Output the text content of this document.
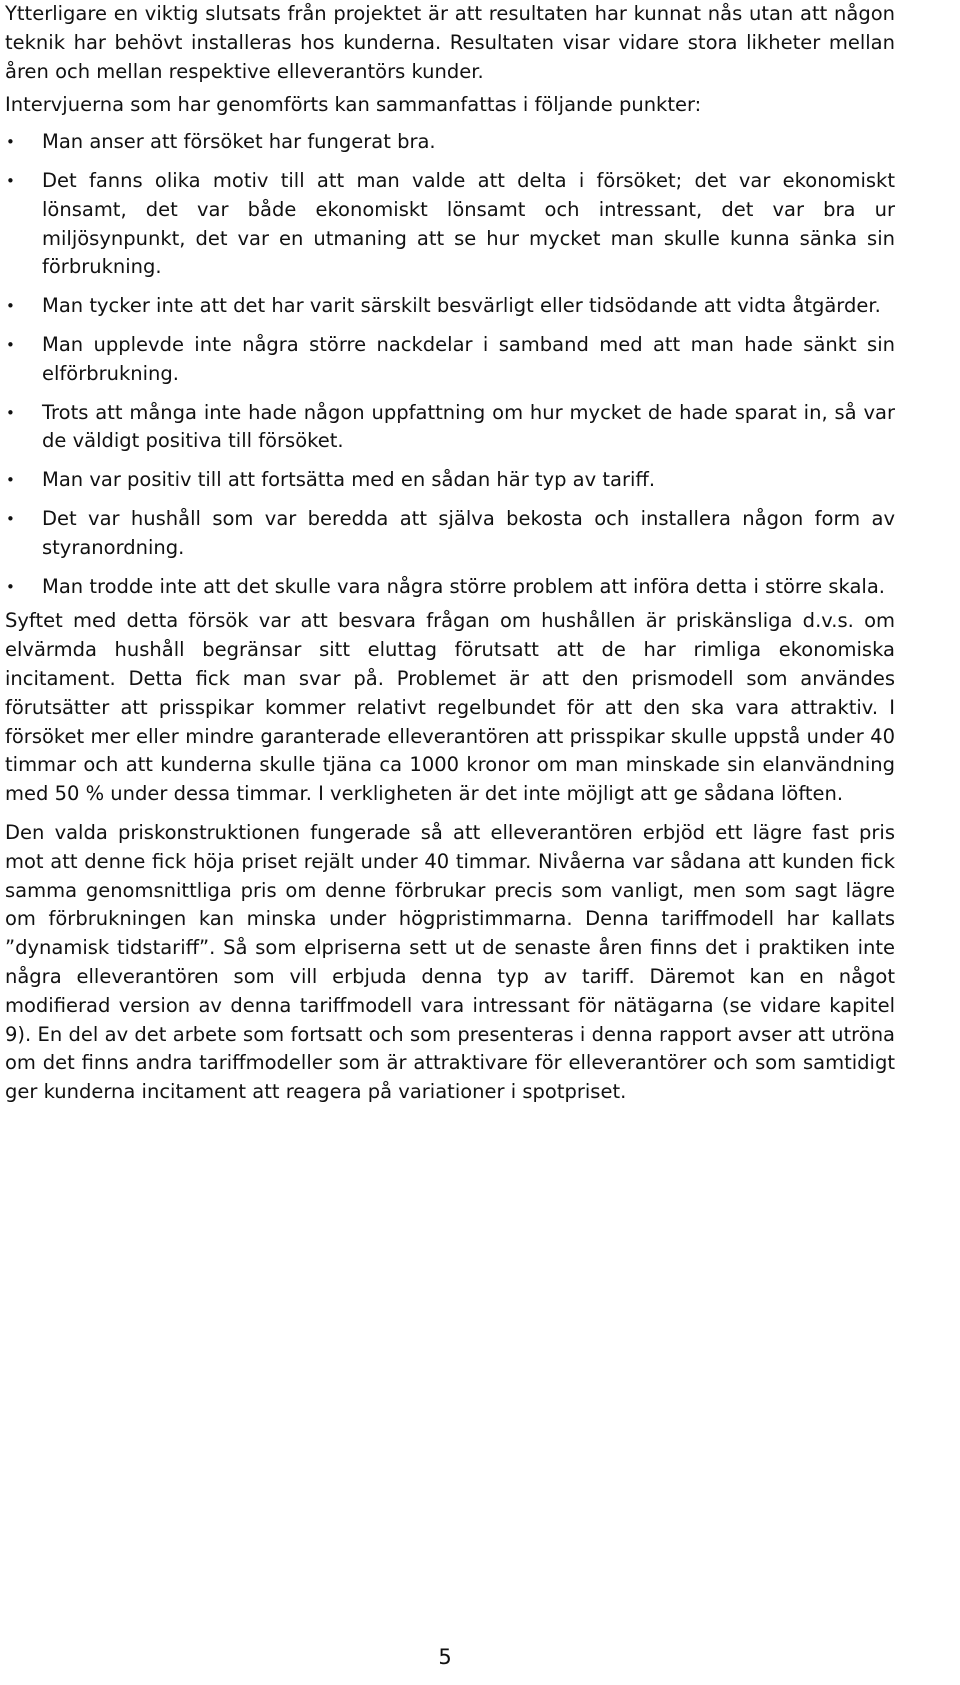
Ytterligare en viktig slutsats från projektet är att resultaten har kunnat nås utan att någon teknik har behövt installeras hos kunderna. Resultaten visar vidare stora likheter mellan åren och mellan respektive elleverantörs kunder.

Intervjuerna som har genomförts kan sammanfattas i följande punkter:

• Man anser att försöket har fungerat bra.
• Det fanns olika motiv till att man valde att delta i försöket; det var ekonomiskt lönsamt, det var både ekonomiskt lönsamt och intressant, det var bra ur miljösynpunkt, det var en utmaning att se hur mycket man skulle kunna sänka sin förbrukning.
• Man tycker inte att det har varit särskilt besvärligt eller tidsödande att vidta åtgärder.
• Man upplevde inte några större nackdelar i samband med att man hade sänkt sin elförbrukning.
• Trots att många inte hade någon uppfattning om hur mycket de hade sparat in, så var de väldigt positiva till försöket.
• Man var positiv till att fortsätta med en sådan här typ av tariff.
• Det var hushåll som var beredda att själva bekosta och installera någon form av styranordning.
• Man trodde inte att det skulle vara några större problem att införa detta i större skala.

Syftet med detta försök var att besvara frågan om hushållen är priskänsliga d.v.s. om elvärmda hushåll begränsar sitt eluttag förutsatt att de har rimliga ekonomiska incitament. Detta fick man svar på. Problemet är att den prismodell som användes förutsätter att prisspikar kommer relativt regelbundet för att den ska vara attraktiv. I försöket mer eller mindre garanterade elleverantören att prisspikar skulle uppstå under 40 timmar och att kunderna skulle tjäna ca 1000 kronor om man minskade sin elanvändning med 50 % under dessa timmar. I verkligheten är det inte möjligt att ge sådana löften.

Den valda priskonstruktionen fungerade så att elleverantören erbjöd ett lägre fast pris mot att denne fick höja priset rejält under 40 timmar. Nivåerna var sådana att kunden fick samma genomsnittliga pris om denne förbrukar precis som vanligt, men som sagt lägre om förbrukningen kan minska under högpristimmarna. Denna tariffmodell har kallats ”dynamisk tidstariff”. Så som elpriserna sett ut de senaste åren finns det i praktiken inte några elleverantören som vill erbjuda denna typ av tariff. Däremot kan en något modifierad version av denna tariffmodell vara intressant för nätägarna (se vidare kapitel 9). En del av det arbete som fortsatt och som presenteras i denna rapport avser att utröna om det finns andra tariffmodeller som är attraktivare för elleverantörer och som samtidigt ger kunderna incitament att reagera på variationer i spotpriset.

5
